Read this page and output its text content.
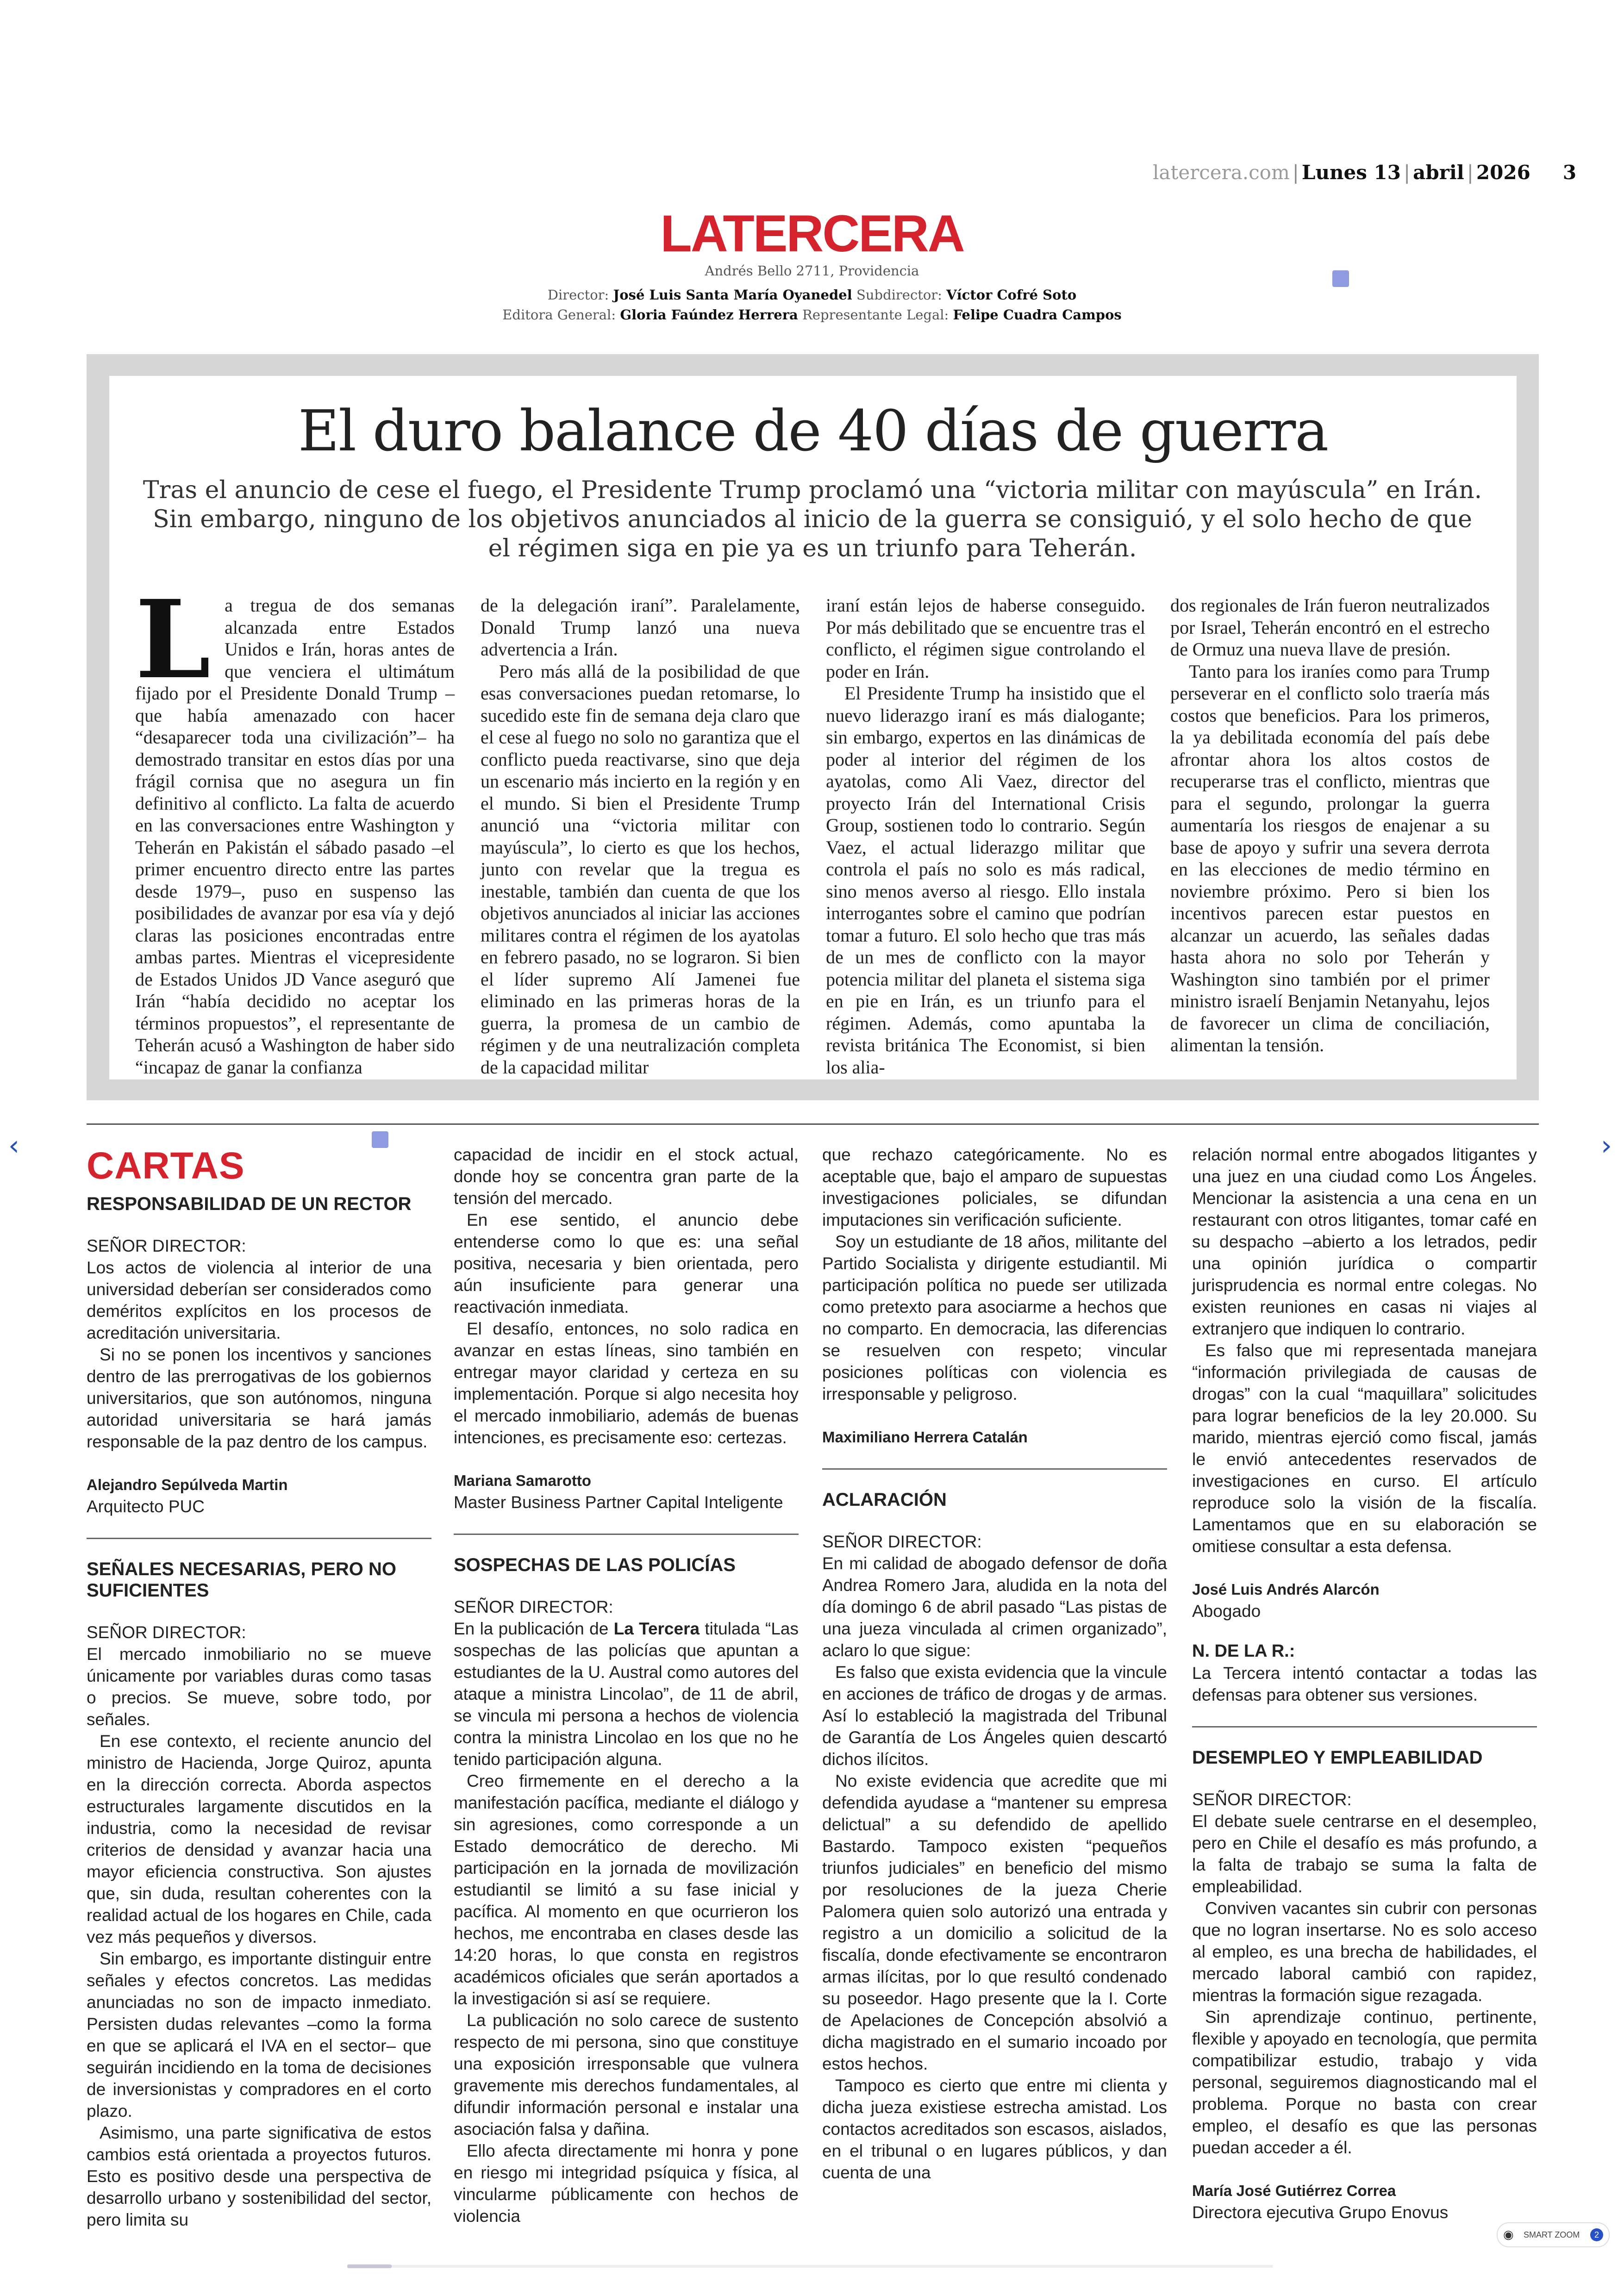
latercera.com | Lunes 13 | abril | 2026 3
LATERCERA
Andrés Bello 2711, Providencia
Director: José Luis Santa María Oyanedel Subdirector: Víctor Cofré Soto
Editora General: Gloria Faúndez Herrera Representante Legal: Felipe Cuadra Campos
El duro balance de 40 días de guerra
Tras el anuncio de cese el fuego, el Presidente Trump proclamó una “victoria militar con mayúscula” en Irán. Sin embargo, ninguno de los objetivos anunciados al inicio de la guerra se consiguió, y el solo hecho de que el régimen siga en pie ya es un triunfo para Teherán.
L a tregua de dos semanas alcanzada entre Estados Unidos e Irán, horas antes de que venciera el ultimátum fijado por el Presidente Donald Trump –que había amenazado con hacer “desaparecer toda una civilización”– ha demostrado transitar en estos días por una frágil cornisa que no asegura un fin definitivo al conflicto. La falta de acuerdo en las conversaciones entre Washington y Teherán en Pakistán el sábado pasado –el primer encuentro directo entre las partes desde 1979–, puso en suspenso las posibilidades de avanzar por esa vía y dejó claras las posiciones encontradas entre ambas partes. Mientras el vicepresidente de Estados Unidos JD Vance aseguró que Irán “había decidido no aceptar los términos propuestos”, el representante de Teherán acusó a Washington de haber sido “incapaz de ganar la confianza

de la delegación iraní”. Paralelamente, Donald Trump lanzó una nueva advertencia a Irán.

Pero más allá de la posibilidad de que esas conversaciones puedan retomarse, lo sucedido este fin de semana deja claro que el cese al fuego no solo no garantiza que el conflicto pueda reactivarse, sino que deja un escenario más incierto en la región y en el mundo. Si bien el Presidente Trump anunció una “victoria militar con mayúscula”, lo cierto es que los hechos, junto con revelar que la tregua es inestable, también dan cuenta de que los objetivos anunciados al iniciar las acciones militares contra el régimen de los ayatolas en febrero pasado, no se lograron. Si bien el líder supremo Alí Jamenei fue eliminado en las primeras horas de la guerra, la promesa de un cambio de régimen y de una neutralización completa de la capacidad militar

iraní están lejos de haberse conseguido. Por más debilitado que se encuentre tras el conflicto, el régimen sigue controlando el poder en Irán.

El Presidente Trump ha insistido que el nuevo liderazgo iraní es más dialogante; sin embargo, expertos en las dinámicas de poder al interior del régimen de los ayatolas, como Ali Vaez, director del proyecto Irán del International Crisis Group, sostienen todo lo contrario. Según Vaez, el actual liderazgo militar que controla el país no solo es más radical, sino menos averso al riesgo. Ello instala interrogantes sobre el camino que podrían tomar a futuro. El solo hecho que tras más de un mes de conflicto con la mayor potencia militar del planeta el sistema siga en pie en Irán, es un triunfo para el régimen. Además, como apuntaba la revista británica The Economist, si bien los alia-

dos regionales de Irán fueron neutralizados por Israel, Teherán encontró en el estrecho de Ormuz una nueva llave de presión.

Tanto para los iraníes como para Trump perseverar en el conflicto solo traería más costos que beneficios. Para los primeros, la ya debilitada economía del país debe afrontar ahora los altos costos de recuperarse tras el conflicto, mientras que para el segundo, prolongar la guerra aumentaría los riesgos de enajenar a su base de apoyo y sufrir una severa derrota en las elecciones de medio término en noviembre próximo. Pero si bien los incentivos parecen estar puestos en alcanzar un acuerdo, las señales dadas hasta ahora no solo por Teherán y Washington sino también por el primer ministro israelí Benjamin Netanyahu, lejos de favorecer un clima de conciliación, alimentan la tensión.

CARTAS
RESPONSABILIDAD DE UN RECTOR

SEÑOR DIRECTOR:

Los actos de violencia al interior de una universidad deberían ser considerados como deméritos explícitos en los procesos de acreditación universitaria.

Si no se ponen los incentivos y sanciones dentro de las prerrogativas de los gobiernos universitarios, que son autónomos, ninguna autoridad universitaria se hará jamás responsable de la paz dentro de los campus.

Alejandro Sepúlveda Martin

Arquitecto PUC

SEÑALES NECESARIAS, PERO NO SUFICIENTES

SEÑOR DIRECTOR:

El mercado inmobiliario no se mueve únicamente por variables duras como tasas o precios. Se mueve, sobre todo, por señales.

En ese contexto, el reciente anuncio del ministro de Hacienda, Jorge Quiroz, apunta en la dirección correcta. Aborda aspectos estructurales largamente discutidos en la industria, como la necesidad de revisar criterios de densidad y avanzar hacia una mayor eficiencia constructiva. Son ajustes que, sin duda, resultan coherentes con la realidad actual de los hogares en Chile, cada vez más pequeños y diversos.

Sin embargo, es importante distinguir entre señales y efectos concretos. Las medidas anunciadas no son de impacto inmediato. Persisten dudas relevantes –como la forma en que se aplicará el IVA en el sector– que seguirán incidiendo en la toma de decisiones de inversionistas y compradores en el corto plazo.

Asimismo, una parte significativa de estos cambios está orientada a proyectos futuros. Esto es positivo desde una perspectiva de desarrollo urbano y sostenibilidad del sector, pero limita su

capacidad de incidir en el stock actual, donde hoy se concentra gran parte de la tensión del mercado.

En ese sentido, el anuncio debe entenderse como lo que es: una señal positiva, necesaria y bien orientada, pero aún insuficiente para generar una reactivación inmediata.

El desafío, entonces, no solo radica en avanzar en estas líneas, sino también en entregar mayor claridad y certeza en su implementación. Porque si algo necesita hoy el mercado inmobiliario, además de buenas intenciones, es precisamente eso: certezas.

Mariana Samarotto

Master Business Partner Capital Inteligente

SOSPECHAS DE LAS POLICÍAS

SEÑOR DIRECTOR:

En la publicación de La Tercera titulada “Las sospechas de las policías que apuntan a estudiantes de la U. Austral como autores del ataque a ministra Lincolao”, de 11 de abril, se vincula mi persona a hechos de violencia contra la ministra Lincolao en los que no he tenido participación alguna.

Creo firmemente en el derecho a la manifestación pacífica, mediante el diálogo y sin agresiones, como corresponde a un Estado democrático de derecho. Mi participación en la jornada de movilización estudiantil se limitó a su fase inicial y pacífica. Al momento en que ocurrieron los hechos, me encontraba en clases desde las 14:20 horas, lo que consta en registros académicos oficiales que serán aportados a la investigación si así se requiere.

La publicación no solo carece de sustento respecto de mi persona, sino que constituye una exposición irresponsable que vulnera gravemente mis derechos fundamentales, al difundir información personal e instalar una asociación falsa y dañina.

Ello afecta directamente mi honra y pone en riesgo mi integridad psíquica y física, al vincularme públicamente con hechos de violencia

que rechazo categóricamente. No es aceptable que, bajo el amparo de supuestas investigaciones policiales, se difundan imputaciones sin verificación suficiente.

Soy un estudiante de 18 años, militante del Partido Socialista y dirigente estudiantil. Mi participación política no puede ser utilizada como pretexto para asociarme a hechos que no comparto. En democracia, las diferencias se resuelven con respeto; vincular posiciones políticas con violencia es irresponsable y peligroso.

Maximiliano Herrera Catalán

ACLARACIÓN

SEÑOR DIRECTOR:

En mi calidad de abogado defensor de doña Andrea Romero Jara, aludida en la nota del día domingo 6 de abril pasado “Las pistas de una jueza vinculada al crimen organizado”, aclaro lo que sigue:

Es falso que exista evidencia que la vincule en acciones de tráfico de drogas y de armas. Así lo estableció la magistrada del Tribunal de Garantía de Los Ángeles quien descartó dichos ilícitos.

No existe evidencia que acredite que mi defendida ayudase a “mantener su empresa delictual” a su defendido de apellido Bastardo. Tampoco existen “pequeños triunfos judiciales” en beneficio del mismo por resoluciones de la jueza Cherie Palomera quien solo autorizó una entrada y registro a un domicilio a solicitud de la fiscalía, donde efectivamente se encontraron armas ilícitas, por lo que resultó condenado su poseedor. Hago presente que la I. Corte de Apelaciones de Concepción absolvió a dicha magistrado en el sumario incoado por estos hechos.

Tampoco es cierto que entre mi clienta y dicha jueza existiese estrecha amistad. Los contactos acreditados son escasos, aislados, en el tribunal o en lugares públicos, y dan cuenta de una

relación normal entre abogados litigantes y una juez en una ciudad como Los Ángeles. Mencionar la asistencia a una cena en un restaurant con otros litigantes, tomar café en su despacho –abierto a los letrados, pedir una opinión jurídica o compartir jurisprudencia es normal entre colegas. No existen reuniones en casas ni viajes al extranjero que indiquen lo contrario.

Es falso que mi representada manejara “información privilegiada de causas de drogas” con la cual “maquillara” solicitudes para lograr beneficios de la ley 20.000. Su marido, mientras ejerció como fiscal, jamás le envió antecedentes reservados de investigaciones en curso. El artículo reproduce solo la visión de la fiscalía. Lamentamos que en su elaboración se omitiese consultar a esta defensa.

José Luis Andrés Alarcón

Abogado

N. DE LA R.:

La Tercera intentó contactar a todas las defensas para obtener sus versiones.

DESEMPLEO Y EMPLEABILIDAD

SEÑOR DIRECTOR:

El debate suele centrarse en el desempleo, pero en Chile el desafío es más profundo, a la falta de trabajo se suma la falta de empleabilidad.

Conviven vacantes sin cubrir con personas que no logran insertarse. No es solo acceso al empleo, es una brecha de habilidades, el mercado laboral cambió con rapidez, mientras la formación sigue rezagada.

Sin aprendizaje continuo, pertinente, flexible y apoyado en tecnología, que permita compatibilizar estudio, trabajo y vida personal, seguiremos diagnosticando mal el problema. Porque no basta con crear empleo, el desafío es que las personas puedan acceder a él.

María José Gutiérrez Correa

Directora ejecutiva Grupo Enovus

‹	›
◉ SMART ZOOM	2
